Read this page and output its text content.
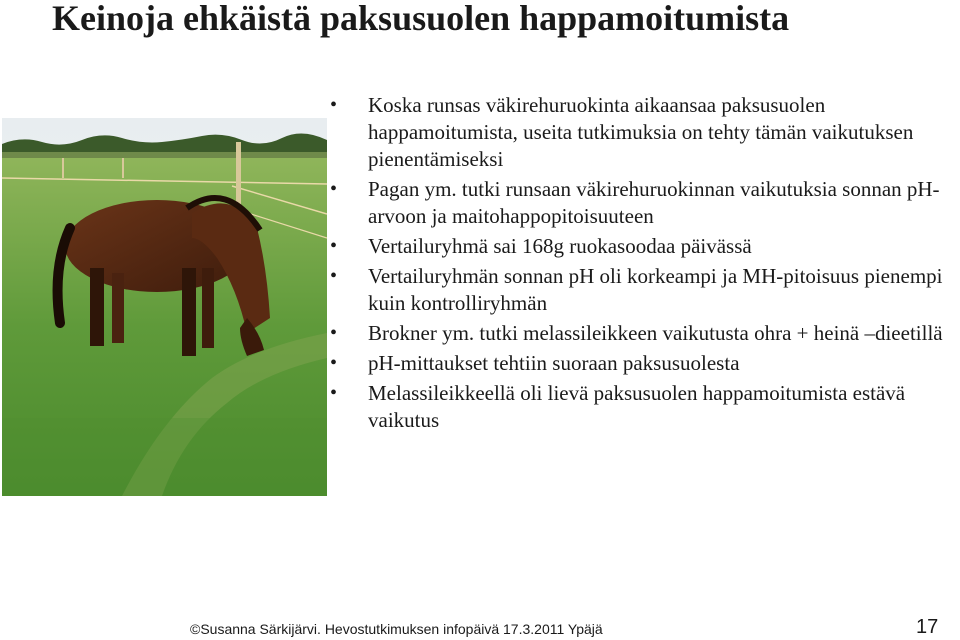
Keinoja ehkäistä paksusuolen happamoitumista
• Koska runsas väkirehuruokinta aikaansaa paksusuolen happamoitumista, useita tutkimuksia on tehty tämän vaikutuksen pienentämiseksi
• Pagan ym. tutki runsaan väkirehuruokinnan vaikutuksia sonnan pH-arvoon ja maitohappopitoisuuteen
• Vertailuryhmä sai 168g ruokasoodaa päivässä
• Vertailuryhmän sonnan pH oli korkeampi ja MH-pitoisuus pienempi kuin kontrolliryhmän
• Brokner ym. tutki melassileikkeen vaikutusta ohra + heinä –dieetillä
• pH-mittaukset tehtiin suoraan paksusuolesta
• Melassileikkeellä oli lievä paksusuolen happamoitumista estävä vaikutus
©Susanna Särkijärvi. Hevostutkimuksen infopäivä 17.3.2011 Ypäjä	17
